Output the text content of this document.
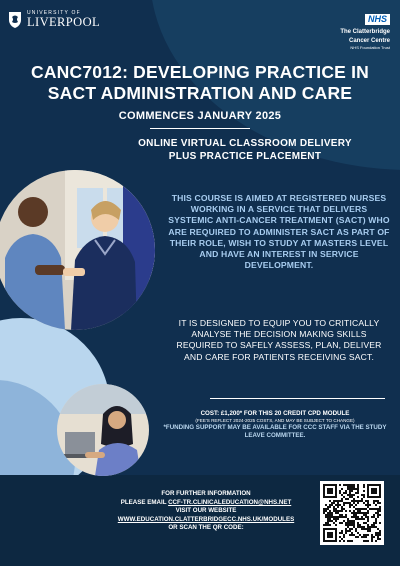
UNIVERSITY OF
LIVERPOOL	NHS
The Clatterbridge
Cancer Centre
NHS Foundation Trust
CANC7012: DEVELOPING PRACTICE IN
SACT ADMINISTRATION AND CARE
COMMENCES JANUARY 2025
ONLINE VIRTUAL CLASSROOM DELIVERY
PLUS PRACTICE PLACEMENT

THIS COURSE IS AIMED AT REGISTERED NURSES WORKING IN A SERVICE THAT DELIVERS SYSTEMIC ANTI-CANCER TREATMENT (SACT) WHO ARE REQUIRED TO ADMINISTER SACT AS PART OF THEIR ROLE, WISH TO STUDY AT MASTERS LEVEL AND HAVE AN INTEREST IN SERVICE DEVELOPMENT.

IT IS DESIGNED TO EQUIP YOU TO CRITICALLY ANALYSE THE DECISION MAKING SKILLS REQUIRED TO SAFELY ASSESS, PLAN, DELIVER AND CARE FOR PATIENTS RECEIVING SACT.

COST: £1,200* FOR THIS 20 CREDIT CPD MODULE
(FEE'S REFLECT 2024-2025 COSTS, AND MAY BE SUBJECT TO CHANGE)
*FUNDING SUPPORT MAY BE AVAILABLE FOR CCC STAFF VIA THE STUDY LEAVE COMMITTEE.
FOR FURTHER INFORMATION
PLEASE EMAIL CCF-TR.CLINICALEDUCATION@NHS.NET
VISIT OUR WEBSITE
WWW.EDUCATION.CLATTERBRIDGECC.NHS.UK/MODULES
OR SCAN THE QR CODE:
